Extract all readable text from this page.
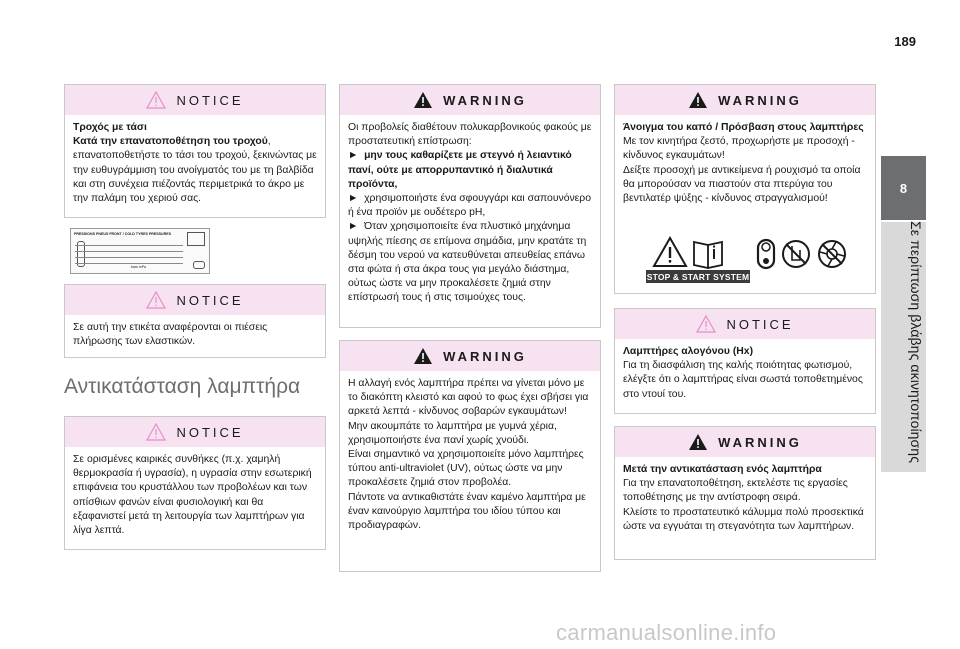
189
8
Σε περίπτωση βλάβης ακινητοποίησης
NOTICE

Τροχός με τάσι

Κατά την επανατοποθέτηση του τροχού, επανατοποθετήστε το τάσι του τροχού, ξεκινώντας με την ευθυγράμμιση του ανοίγματός του με τη βαλβίδα και στη συνέχεια πιέζοντάς περιμετρικά το άκρο με την παλάμη του χεριού σας.

PRESSIONS PNEUS FRONT / COLD TYRES PRESSURES
bars mPa
NOTICE

Σε αυτή την ετικέτα αναφέρονται οι πιέσεις πλήρωσης των ελαστικών.

Αντικατάσταση λαμπτήρα
NOTICE

Σε ορισμένες καιρικές συνθήκες (π.χ. χαμηλή θερμοκρασία ή υγρασία), η υγρασία στην εσωτερική επιφάνεια του κρυστάλλου των προβολέων και των οπίσθιων φανών είναι φυσιολογική και θα εξαφανιστεί μετά τη λειτουργία των λαμπτήρων για λίγα λεπτά.

WARNING

Οι προβολείς διαθέτουν πολυκαρβονικούς φακούς με προστατευτική επίστρωση:

► μην τους καθαρίζετε με στεγνό ή λειαντικό πανί, ούτε με απορρυπαντικό ή διαλυτικά προϊόντα,

► χρησιμοποιήστε ένα σφουγγάρι και σαπουνόνερο ή ένα προϊόν με ουδέτερο pH,

► Όταν χρησιμοποιείτε ένα πλυστικό μηχάνημα υψηλής πίεσης σε επίμονα σημάδια, μην κρατάτε τη δέσμη του νερού να κατευθύνεται απευθείας επάνω στα φώτα ή στα άκρα τους για μεγάλο διάστημα, ούτως ώστε να μην προκαλέσετε ζημιά στην επίστρωσή τους ή στις τσιμούχες τους.

WARNING

Η αλλαγή ενός λαμπτήρα πρέπει να γίνεται μόνο με το διακόπτη κλειστό και αφού το φως έχει σβήσει για αρκετά λεπτά - κίνδυνος σοβαρών εγκαυμάτων!

Μην ακουμπάτε το λαμπτήρα με γυμνά χέρια, χρησιμοποιήστε ένα πανί χωρίς χνούδι.

Είναι σημαντικό να χρησιμοποιείτε μόνο λαμπτήρες τύπου anti-ultraviolet (UV), ούτως ώστε να μην προκαλέσετε ζημιά στον προβολέα.

Πάντοτε να αντικαθιστάτε έναν καμένο λαμπτήρα με έναν καινούργιο λαμπτήρα του ιδίου τύπου και προδιαγραφών.

WARNING

Άνοιγμα του καπό / Πρόσβαση στους λαμπτήρες

Με τον κινητήρα ζεστό, προχωρήστε με προσοχή - κίνδυνος εγκαυμάτων!

Δείξτε προσοχή με αντικείμενα ή ρουχισμό τα οποία θα μπορούσαν να πιαστούν στα πτερύγια του βεντιλατέρ ψύξης - κίνδυνος στραγγαλισμού!

STOP & START SYSTEM
NOTICE

Λαμπτήρες αλογόνου (Hx)

Για τη διασφάλιση της καλής ποιότητας φωτισμού, ελέγξτε ότι ο λαμπτήρας είναι σωστά τοποθετημένος στο ντουί του.

WARNING

Μετά την αντικατάσταση ενός λαμπτήρα

Για την επανατοποθέτηση, εκτελέστε τις εργασίες τοποθέτησης με την αντίστροφη σειρά.

Κλείστε το προστατευτικό κάλυμμα πολύ προσεκτικά ώστε να εγγυάται τη στεγανότητα των λαμπτήρων.

carmanualsonline.info
